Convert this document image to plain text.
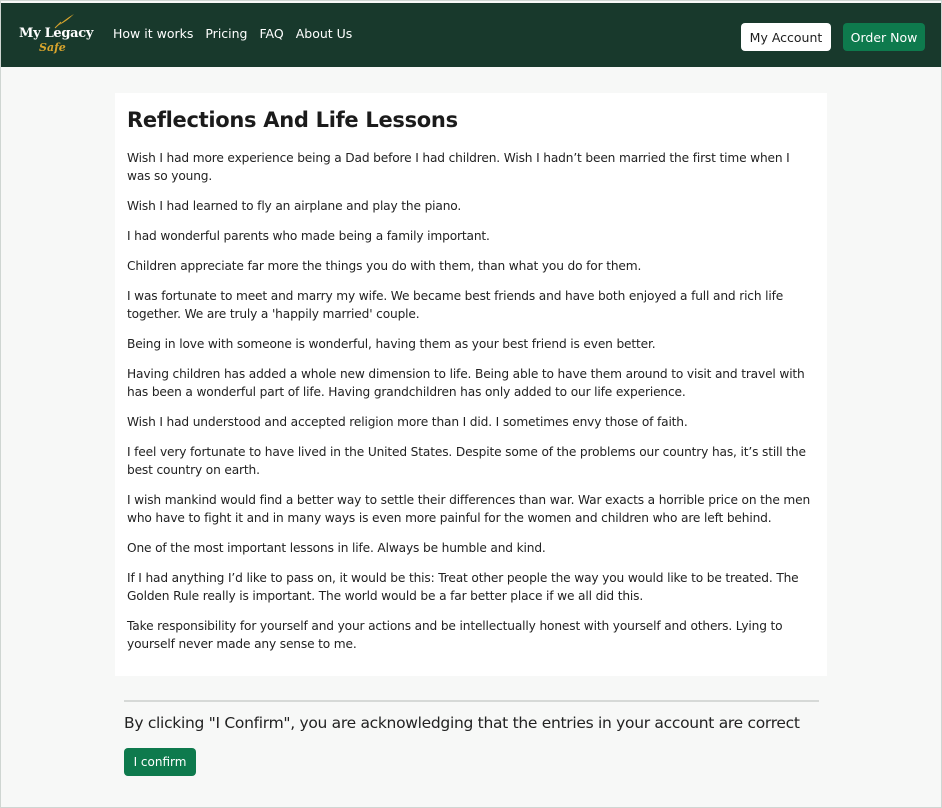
My Legacy
Safe
How it works Pricing FAQ About Us	My Account	Order Now
Reflections And Life Lessons

Wish I had more experience being a Dad before I had children. Wish I hadn’t been married the first time when I was so young.

Wish I had learned to fly an airplane and play the piano.

I had wonderful parents who made being a family important.

Children appreciate far more the things you do with them, than what you do for them.

I was fortunate to meet and marry my wife. We became best friends and have both enjoyed a full and rich life together. We are truly a 'happily married' couple.

Being in love with someone is wonderful, having them as your best friend is even better.

Having children has added a whole new dimension to life. Being able to have them around to visit and travel with has been a wonderful part of life. Having grandchildren has only added to our life experience.

Wish I had understood and accepted religion more than I did. I sometimes envy those of faith.

I feel very fortunate to have lived in the United States. Despite some of the problems our country has, it’s still the best country on earth.

I wish mankind would find a better way to settle their differences than war. War exacts a horrible price on the men who have to fight it and in many ways is even more painful for the women and children who are left behind.

One of the most important lessons in life. Always be humble and kind.

If I had anything I’d like to pass on, it would be this: Treat other people the way you would like to be treated. The Golden Rule really is important. The world would be a far better place if we all did this.

Take responsibility for yourself and your actions and be intellectually honest with yourself and others. Lying to yourself never made any sense to me.

By clicking "I Confirm", you are acknowledging that the entries in your account are correct
I confirm
